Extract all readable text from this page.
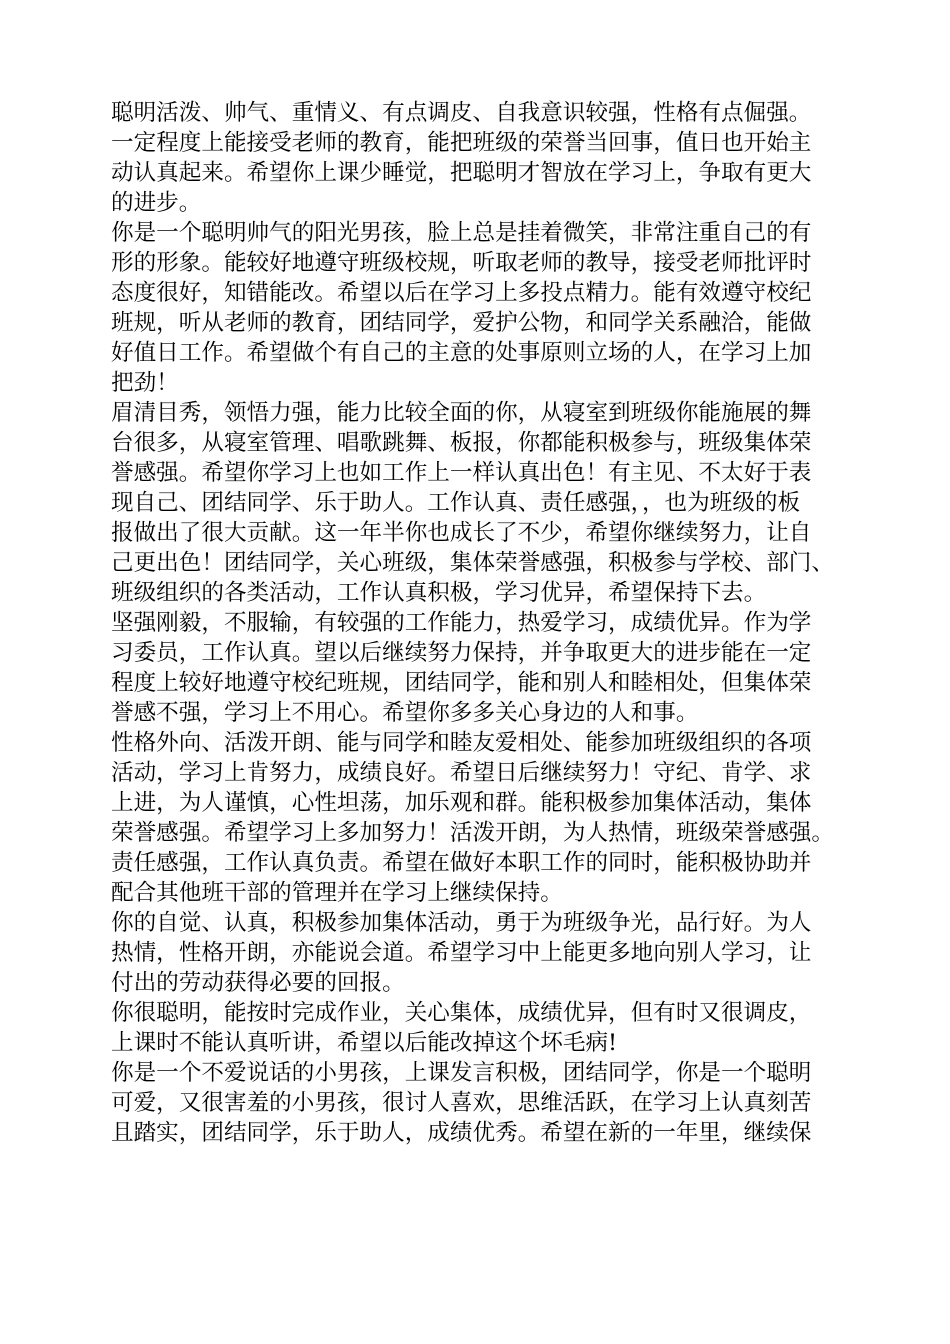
聪明活泼、帅气、重情义、有点调皮、自我意识较强，性格有点倔强。
一定程度上能接受老师的教育，能把班级的荣誉当回事，值日也开始主
动认真起来。希望你上课少睡觉，把聪明才智放在学习上，争取有更大
的进步。
你是一个聪明帅气的阳光男孩，脸上总是挂着微笑，非常注重自己的有
形的形象。能较好地遵守班级校规，听取老师的教导，接受老师批评时
态度很好，知错能改。希望以后在学习上多投点精力。能有效遵守校纪
班规，听从老师的教育，团结同学，爱护公物，和同学关系融洽，能做
好值日工作。希望做个有自己的主意的处事原则立场的人，在学习上加
把劲！
眉清目秀，领悟力强，能力比较全面的你，从寝室到班级你能施展的舞
台很多，从寝室管理、唱歌跳舞、板报，你都能积极参与，班级集体荣
誉感强。希望你学习上也如工作上一样认真出色！有主见、不太好于表
现自己、团结同学、乐于助人。工作认真、责任感强，，也为班级的板
报做出了很大贡献。这一年半你也成长了不少，希望你继续努力，让自
己更出色！团结同学，关心班级，集体荣誉感强，积极参与学校、部门、
班级组织的各类活动，工作认真积极，学习优异，希望保持下去。
坚强刚毅，不服输，有较强的工作能力，热爱学习，成绩优异。作为学
习委员，工作认真。望以后继续努力保持，并争取更大的进步能在一定
程度上较好地遵守校纪班规，团结同学，能和别人和睦相处，但集体荣
誉感不强，学习上不用心。希望你多多关心身边的人和事。
性格外向、活泼开朗、能与同学和睦友爱相处、能参加班级组织的各项
活动，学习上肯努力，成绩良好。希望日后继续努力！守纪、肯学、求
上进，为人谨慎，心性坦荡，加乐观和群。能积极参加集体活动，集体
荣誉感强。希望学习上多加努力！活泼开朗，为人热情，班级荣誉感强。
责任感强，工作认真负责。希望在做好本职工作的同时，能积极协助并
配合其他班干部的管理并在学习上继续保持。
你的自觉、认真，积极参加集体活动，勇于为班级争光，品行好。为人
热情，性格开朗，亦能说会道。希望学习中上能更多地向别人学习，让
付出的劳动获得必要的回报。
你很聪明，能按时完成作业，关心集体，成绩优异，但有时又很调皮，
上课时不能认真听讲，希望以后能改掉这个坏毛病!
你是一个不爱说话的小男孩，上课发言积极，团结同学，你是一个聪明
可爱，又很害羞的小男孩，很讨人喜欢，思维活跃，在学习上认真刻苦
且踏实，团结同学，乐于助人，成绩优秀。希望在新的一年里，继续保
